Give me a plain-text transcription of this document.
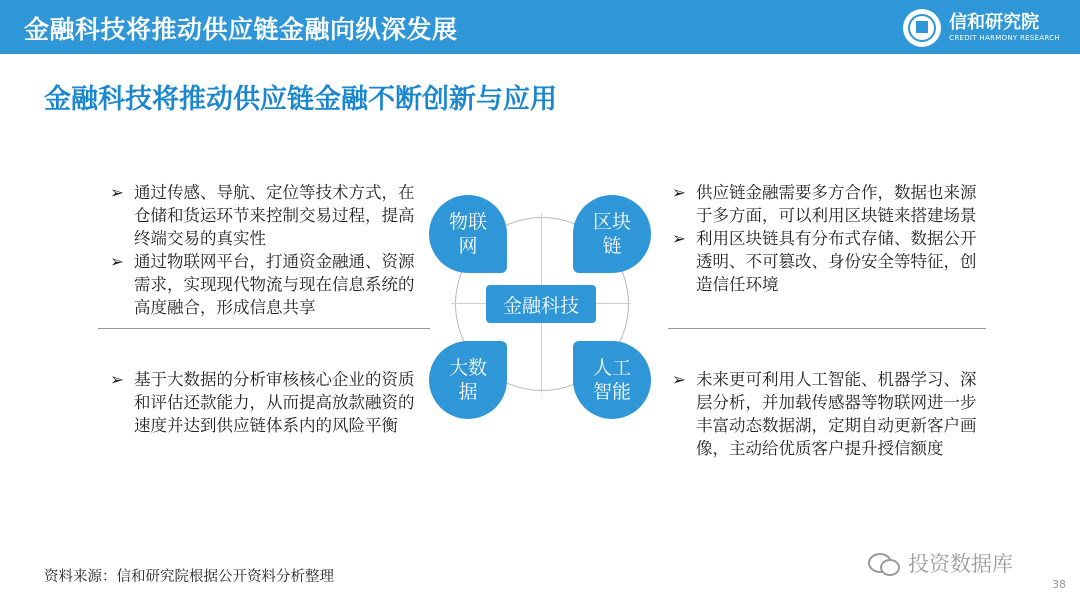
金融科技将推动供应链金融向纵深发展	信和研究院
CREDIT HARMONY RESEARCH
金融科技将推动供应链金融不断创新与应用
➢ 通过传感、导航、定位等技术方式，在仓储和货运环节来控制交易过程，提高终端交易的真实性
➢ 通过物联网平台，打通资金融通、资源需求，实现现代物流与现在信息系统的高度融合，形成信息共享
➢ 供应链金融需要多方合作，数据也来源于多方面，可以利用区块链来搭建场景
➢ 利用区块链具有分布式存储、数据公开透明、不可篡改、身份安全等特征，创造信任环境
➢ 基于大数据的分析审核核心企业的资质和评估还款能力，从而提高放款融资的速度并达到供应链体系内的风险平衡
➢ 未来更可利用人工智能、机器学习、深层分析，并加载传感器等物联网进一步丰富动态数据湖，定期自动更新客户画像，主动给优质客户提升授信额度
物联网
区块链
大数据
人工智能
金融科技
资料来源：信和研究院根据公开资料分析整理
投资数据库
38
